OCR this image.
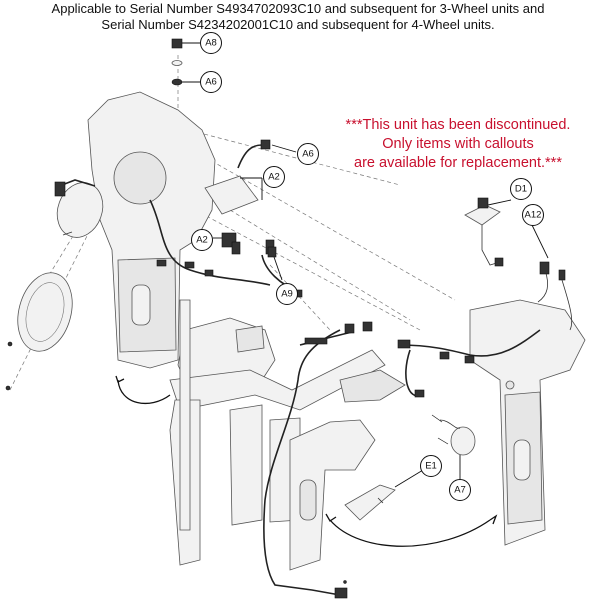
Applicable to Serial Number S4934702093C10 and subsequent for 3-Wheel units and
Serial Number S4234202001C10 and subsequent for 4-Wheel units.
A8
A6
A6
A2
A2
A9
D1
A12
E1
A7
***This unit has been discontinued.
Only items with callouts
are available for replacement.***
